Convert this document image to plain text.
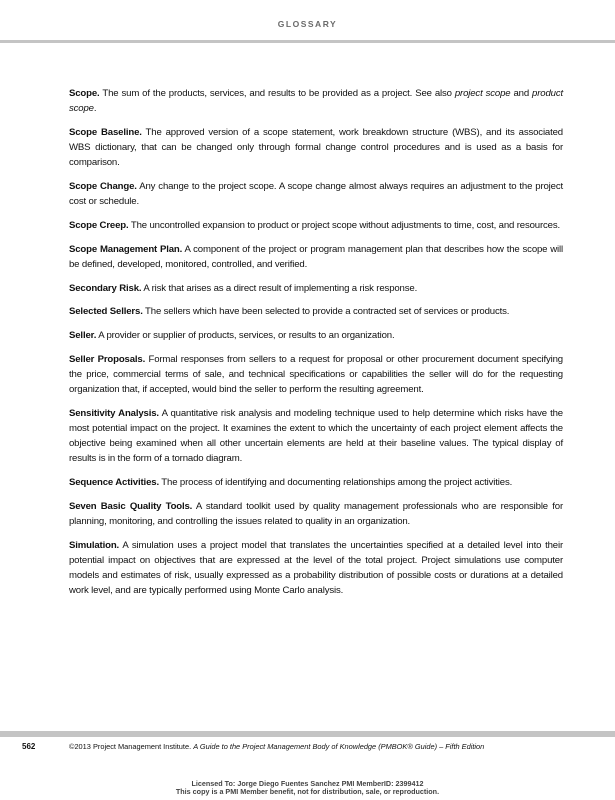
GLOSSARY

Scope. The sum of the products, services, and results to be provided as a project. See also project scope and product scope.

Scope Baseline. The approved version of a scope statement, work breakdown structure (WBS), and its associated WBS dictionary, that can be changed only through formal change control procedures and is used as a basis for comparison.

Scope Change. Any change to the project scope. A scope change almost always requires an adjustment to the project cost or schedule.

Scope Creep. The uncontrolled expansion to product or project scope without adjustments to time, cost, and resources.

Scope Management Plan. A component of the project or program management plan that describes how the scope will be defined, developed, monitored, controlled, and verified.

Secondary Risk. A risk that arises as a direct result of implementing a risk response.

Selected Sellers. The sellers which have been selected to provide a contracted set of services or products.

Seller. A provider or supplier of products, services, or results to an organization.

Seller Proposals. Formal responses from sellers to a request for proposal or other procurement document specifying the price, commercial terms of sale, and technical specifications or capabilities the seller will do for the requesting organization that, if accepted, would bind the seller to perform the resulting agreement.

Sensitivity Analysis. A quantitative risk analysis and modeling technique used to help determine which risks have the most potential impact on the project. It examines the extent to which the uncertainty of each project element affects the objective being examined when all other uncertain elements are held at their baseline values. The typical display of results is in the form of a tornado diagram.

Sequence Activities. The process of identifying and documenting relationships among the project activities.

Seven Basic Quality Tools. A standard toolkit used by quality management professionals who are responsible for planning, monitoring, and controlling the issues related to quality in an organization.

Simulation. A simulation uses a project model that translates the uncertainties specified at a detailed level into their potential impact on objectives that are expressed at the level of the total project. Project simulations use computer models and estimates of risk, usually expressed as a probability distribution of possible costs or durations at a detailed work level, and are typically performed using Monte Carlo analysis.

562	©2013 Project Management Institute. A Guide to the Project Management Body of Knowledge (PMBOK® Guide) – Fifth Edition
Licensed To: Jorge Diego Fuentes Sanchez PMI MemberID: 2399412
This copy is a PMI Member benefit, not for distribution, sale, or reproduction.
